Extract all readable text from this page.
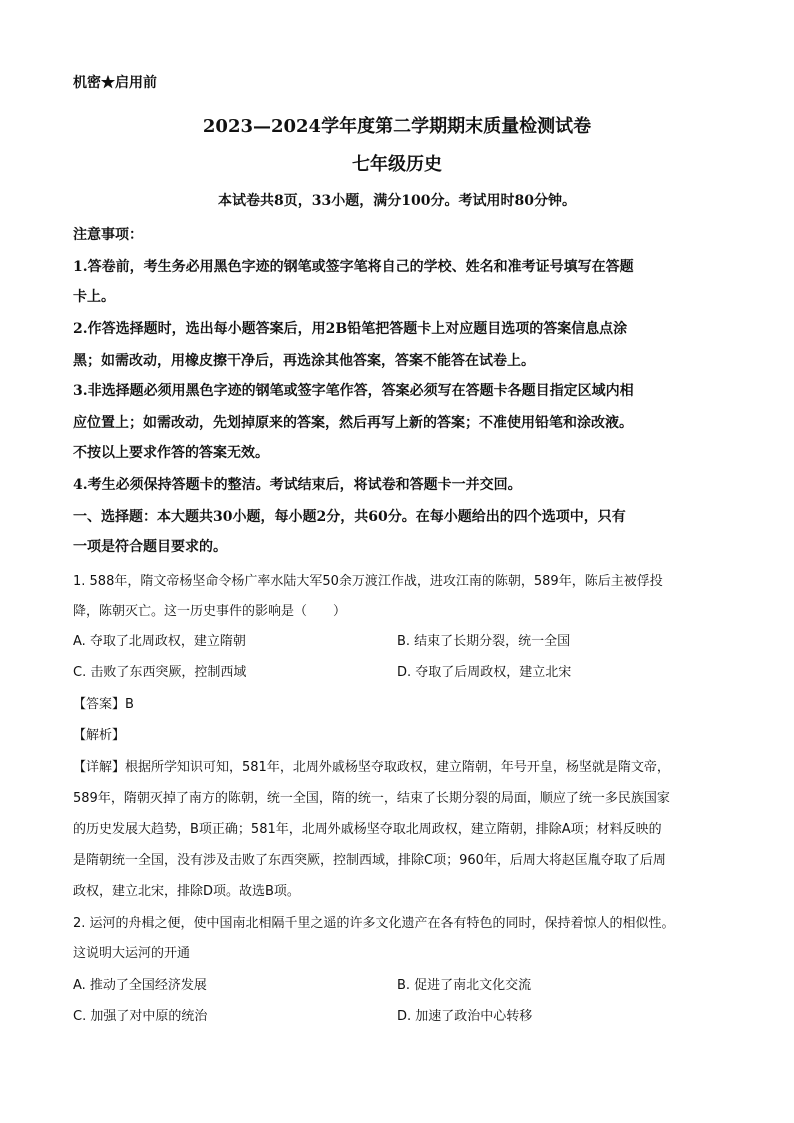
机密★启用前
2023—2024学年度第二学期期末质量检测试卷
七年级历史
本试卷共8页，33小题，满分100分。考试用时80分钟。
注意事项：
1.答卷前，考生务必用黑色字迹的钢笔或签字笔将自己的学校、姓名和准考证号填写在答题
卡上。
2.作答选择题时，选出每小题答案后，用2B铅笔把答题卡上对应题目选项的答案信息点涂
黑；如需改动，用橡皮擦干净后，再选涂其他答案，答案不能答在试卷上。
3.非选择题必须用黑色字迹的钢笔或签字笔作答，答案必须写在答题卡各题目指定区域内相
应位置上；如需改动，先划掉原来的答案，然后再写上新的答案；不准使用铅笔和涂改液。
不按以上要求作答的答案无效。
4.考生必须保持答题卡的整洁。考试结束后，将试卷和答题卡一并交回。
一、选择题：本大题共30小题，每小题2分，共60分。在每小题给出的四个选项中，只有
一项是符合题目要求的。
1. 588年，隋文帝杨坚命令杨广率水陆大军50余万渡江作战，进攻江南的陈朝，589年，陈后主被俘投
降，陈朝灭亡。这一历史事件的影响是（　　）
A. 夺取了北周政权，建立隋朝	B. 结束了长期分裂，统一全国
C. 击败了东西突厥，控制西域	D. 夺取了后周政权，建立北宋
【答案】B
【解析】
【详解】根据所学知识可知，581年，北周外戚杨坚夺取政权，建立隋朝，年号开皇，杨坚就是隋文帝，
589年，隋朝灭掉了南方的陈朝，统一全国，隋的统一，结束了长期分裂的局面，顺应了统一多民族国家
的历史发展大趋势，B项正确；581年，北周外戚杨坚夺取北周政权，建立隋朝，排除A项；材料反映的
是隋朝统一全国，没有涉及击败了东西突厥，控制西域，排除C项；960年，后周大将赵匡胤夺取了后周
政权，建立北宋，排除D项。故选B项。
2. 运河的舟楫之便，使中国南北相隔千里之遥的许多文化遗产在各有特色的同时，保持着惊人的相似性。
这说明大运河的开通
A. 推动了全国经济发展	B. 促进了南北文化交流
C. 加强了对中原的统治	D. 加速了政治中心转移
